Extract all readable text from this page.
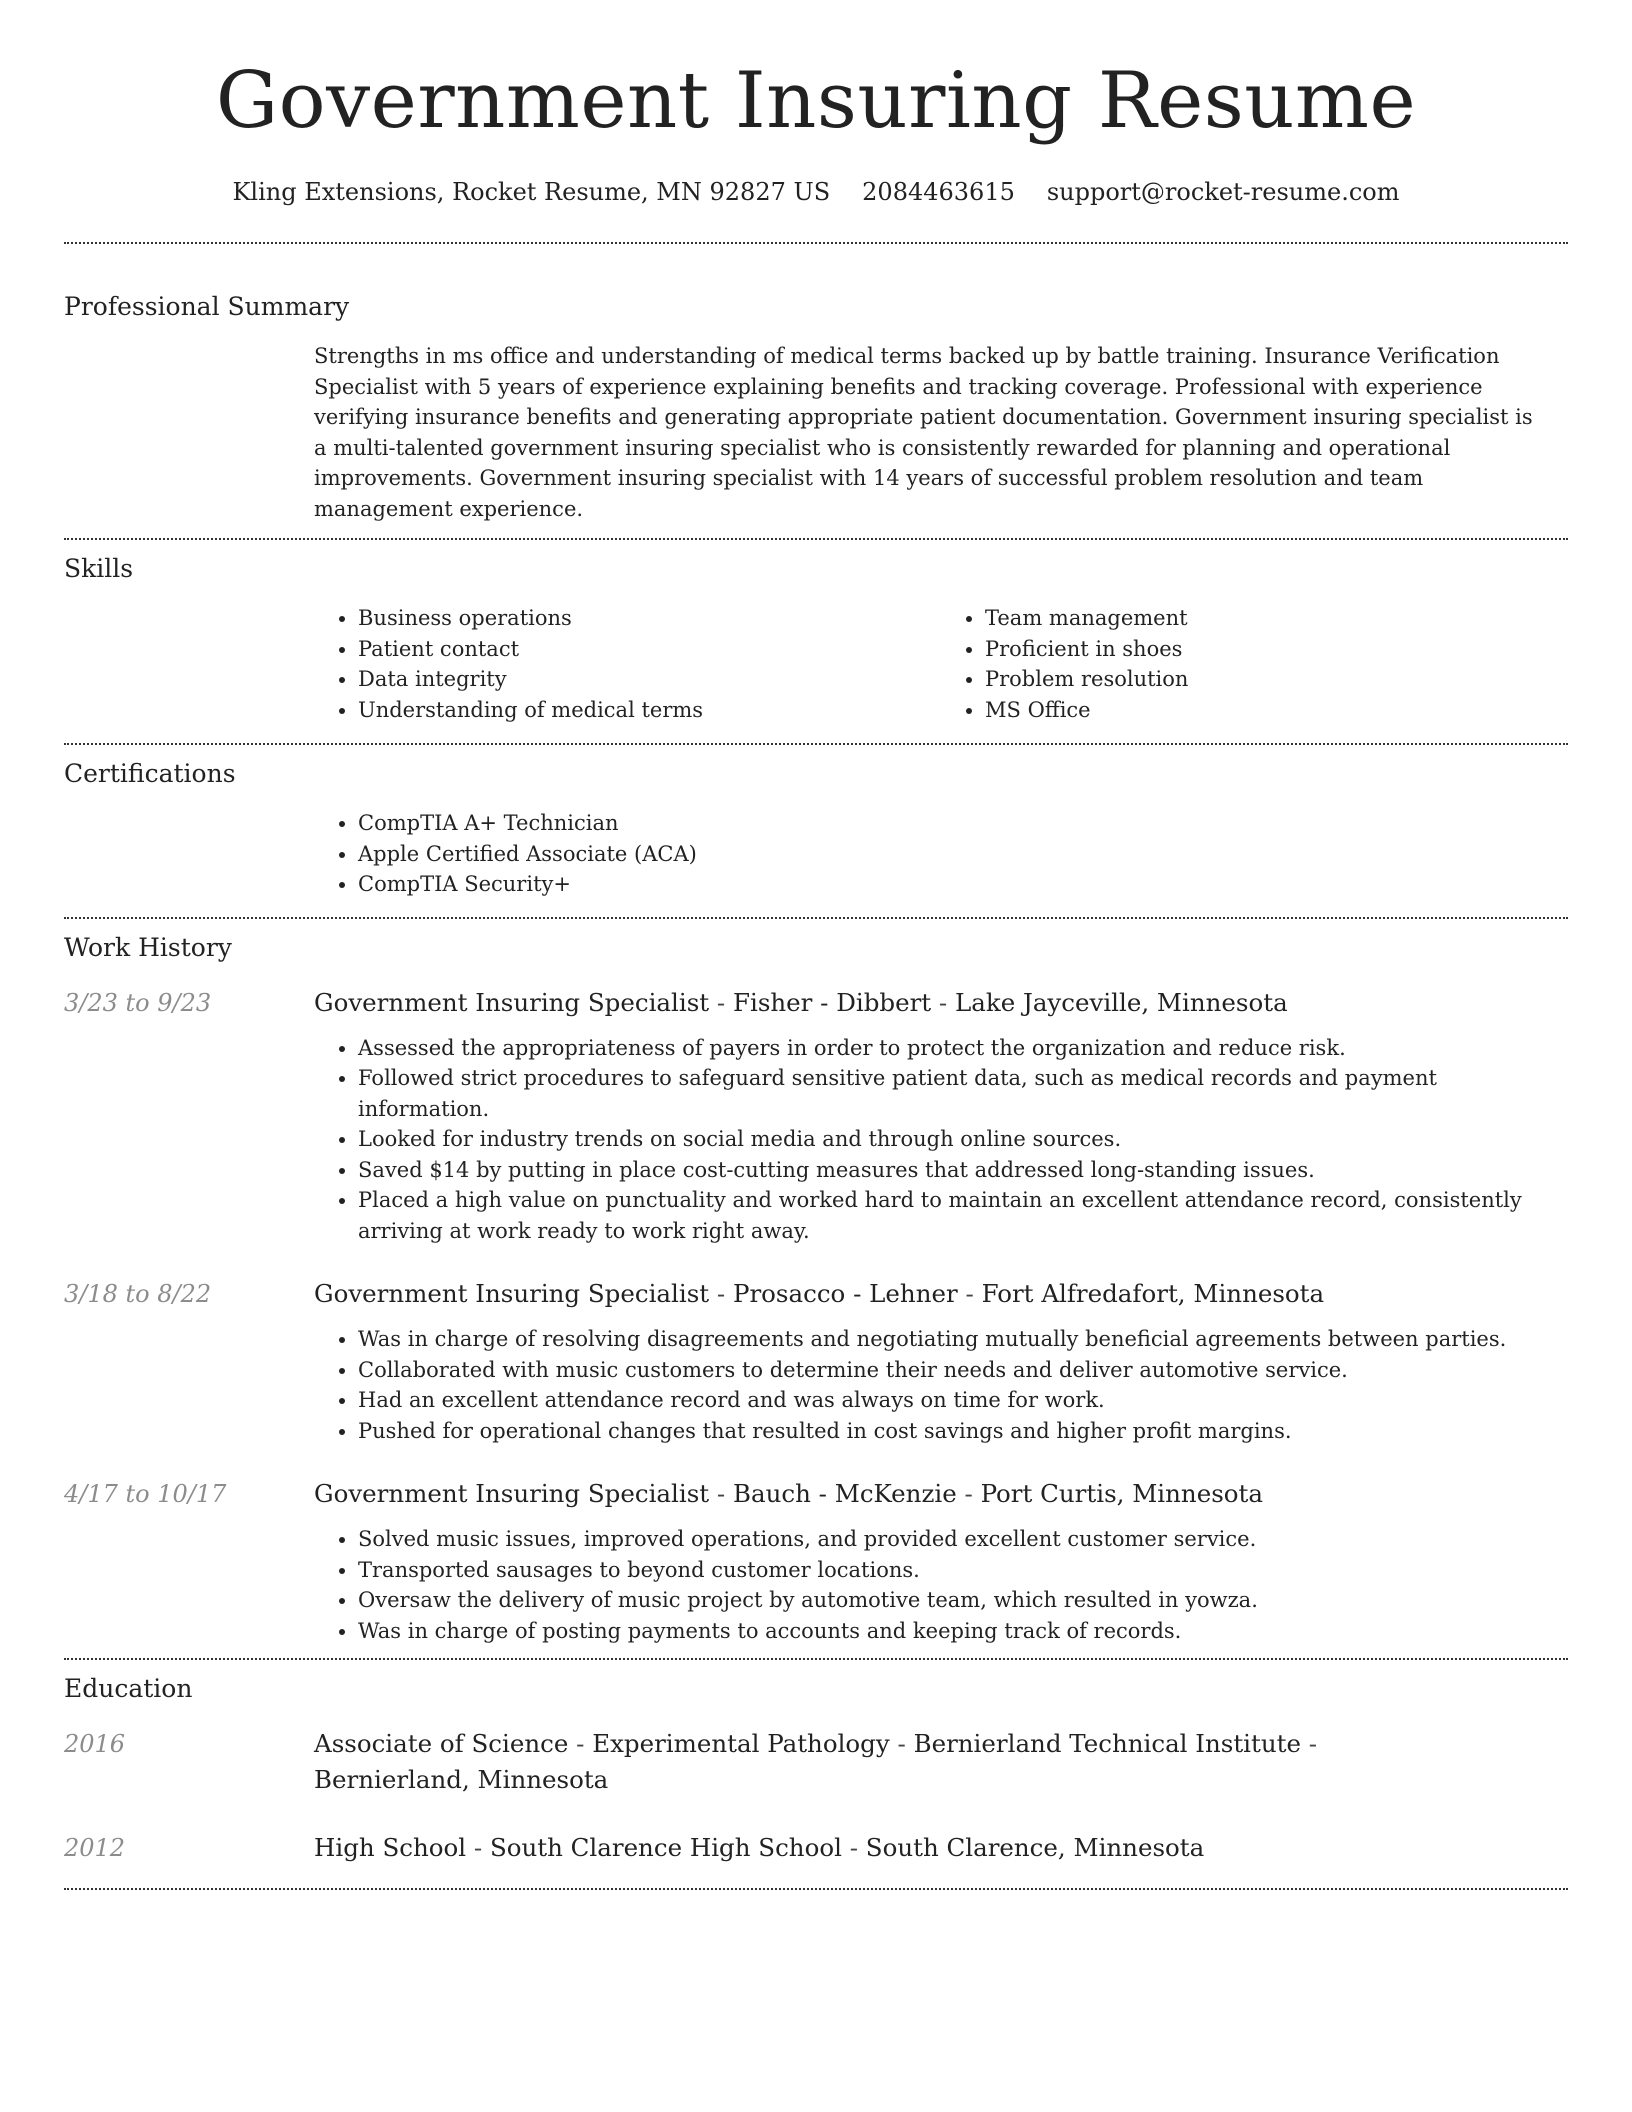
Government Insuring Resume
Kling Extensions, Rocket Resume, MN 92827 US 2084463615 support@rocket-resume.com
Professional Summary
Strengths in ms office and understanding of medical terms backed up by battle training. Insurance Verification Specialist with 5 years of experience explaining benefits and tracking coverage. Professional with experience verifying insurance benefits and generating appropriate patient documentation. Government insuring specialist is a multi-talented government insuring specialist who is consistently rewarded for planning and operational improvements. Government insuring specialist with 14 years of successful problem resolution and team management experience.
Skills
• Business operations
• Patient contact
• Data integrity
• Understanding of medical terms
• Team management
• Proficient in shoes
• Problem resolution
• MS Office
Certifications
• CompTIA A+ Technician
• Apple Certified Associate (ACA)
• CompTIA Security+
Work History
3/23 to 9/23	Government Insuring Specialist - Fisher - Dibbert - Lake Jayceville, Minnesota
• Assessed the appropriateness of payers in order to protect the organization and reduce risk.
• Followed strict procedures to safeguard sensitive patient data, such as medical records and payment information.
• Looked for industry trends on social media and through online sources.
• Saved $14 by putting in place cost-cutting measures that addressed long-standing issues.
• Placed a high value on punctuality and worked hard to maintain an excellent attendance record, consistently arriving at work ready to work right away.
3/18 to 8/22	Government Insuring Specialist - Prosacco - Lehner - Fort Alfredafort, Minnesota
• Was in charge of resolving disagreements and negotiating mutually beneficial agreements between parties.
• Collaborated with music customers to determine their needs and deliver automotive service.
• Had an excellent attendance record and was always on time for work.
• Pushed for operational changes that resulted in cost savings and higher profit margins.
4/17 to 10/17	Government Insuring Specialist - Bauch - McKenzie - Port Curtis, Minnesota
• Solved music issues, improved operations, and provided excellent customer service.
• Transported sausages to beyond customer locations.
• Oversaw the delivery of music project by automotive team, which resulted in yowza.
• Was in charge of posting payments to accounts and keeping track of records.
Education
2016	Associate of Science - Experimental Pathology - Bernierland Technical Institute - Bernierland, Minnesota
2012	High School - South Clarence High School - South Clarence, Minnesota
